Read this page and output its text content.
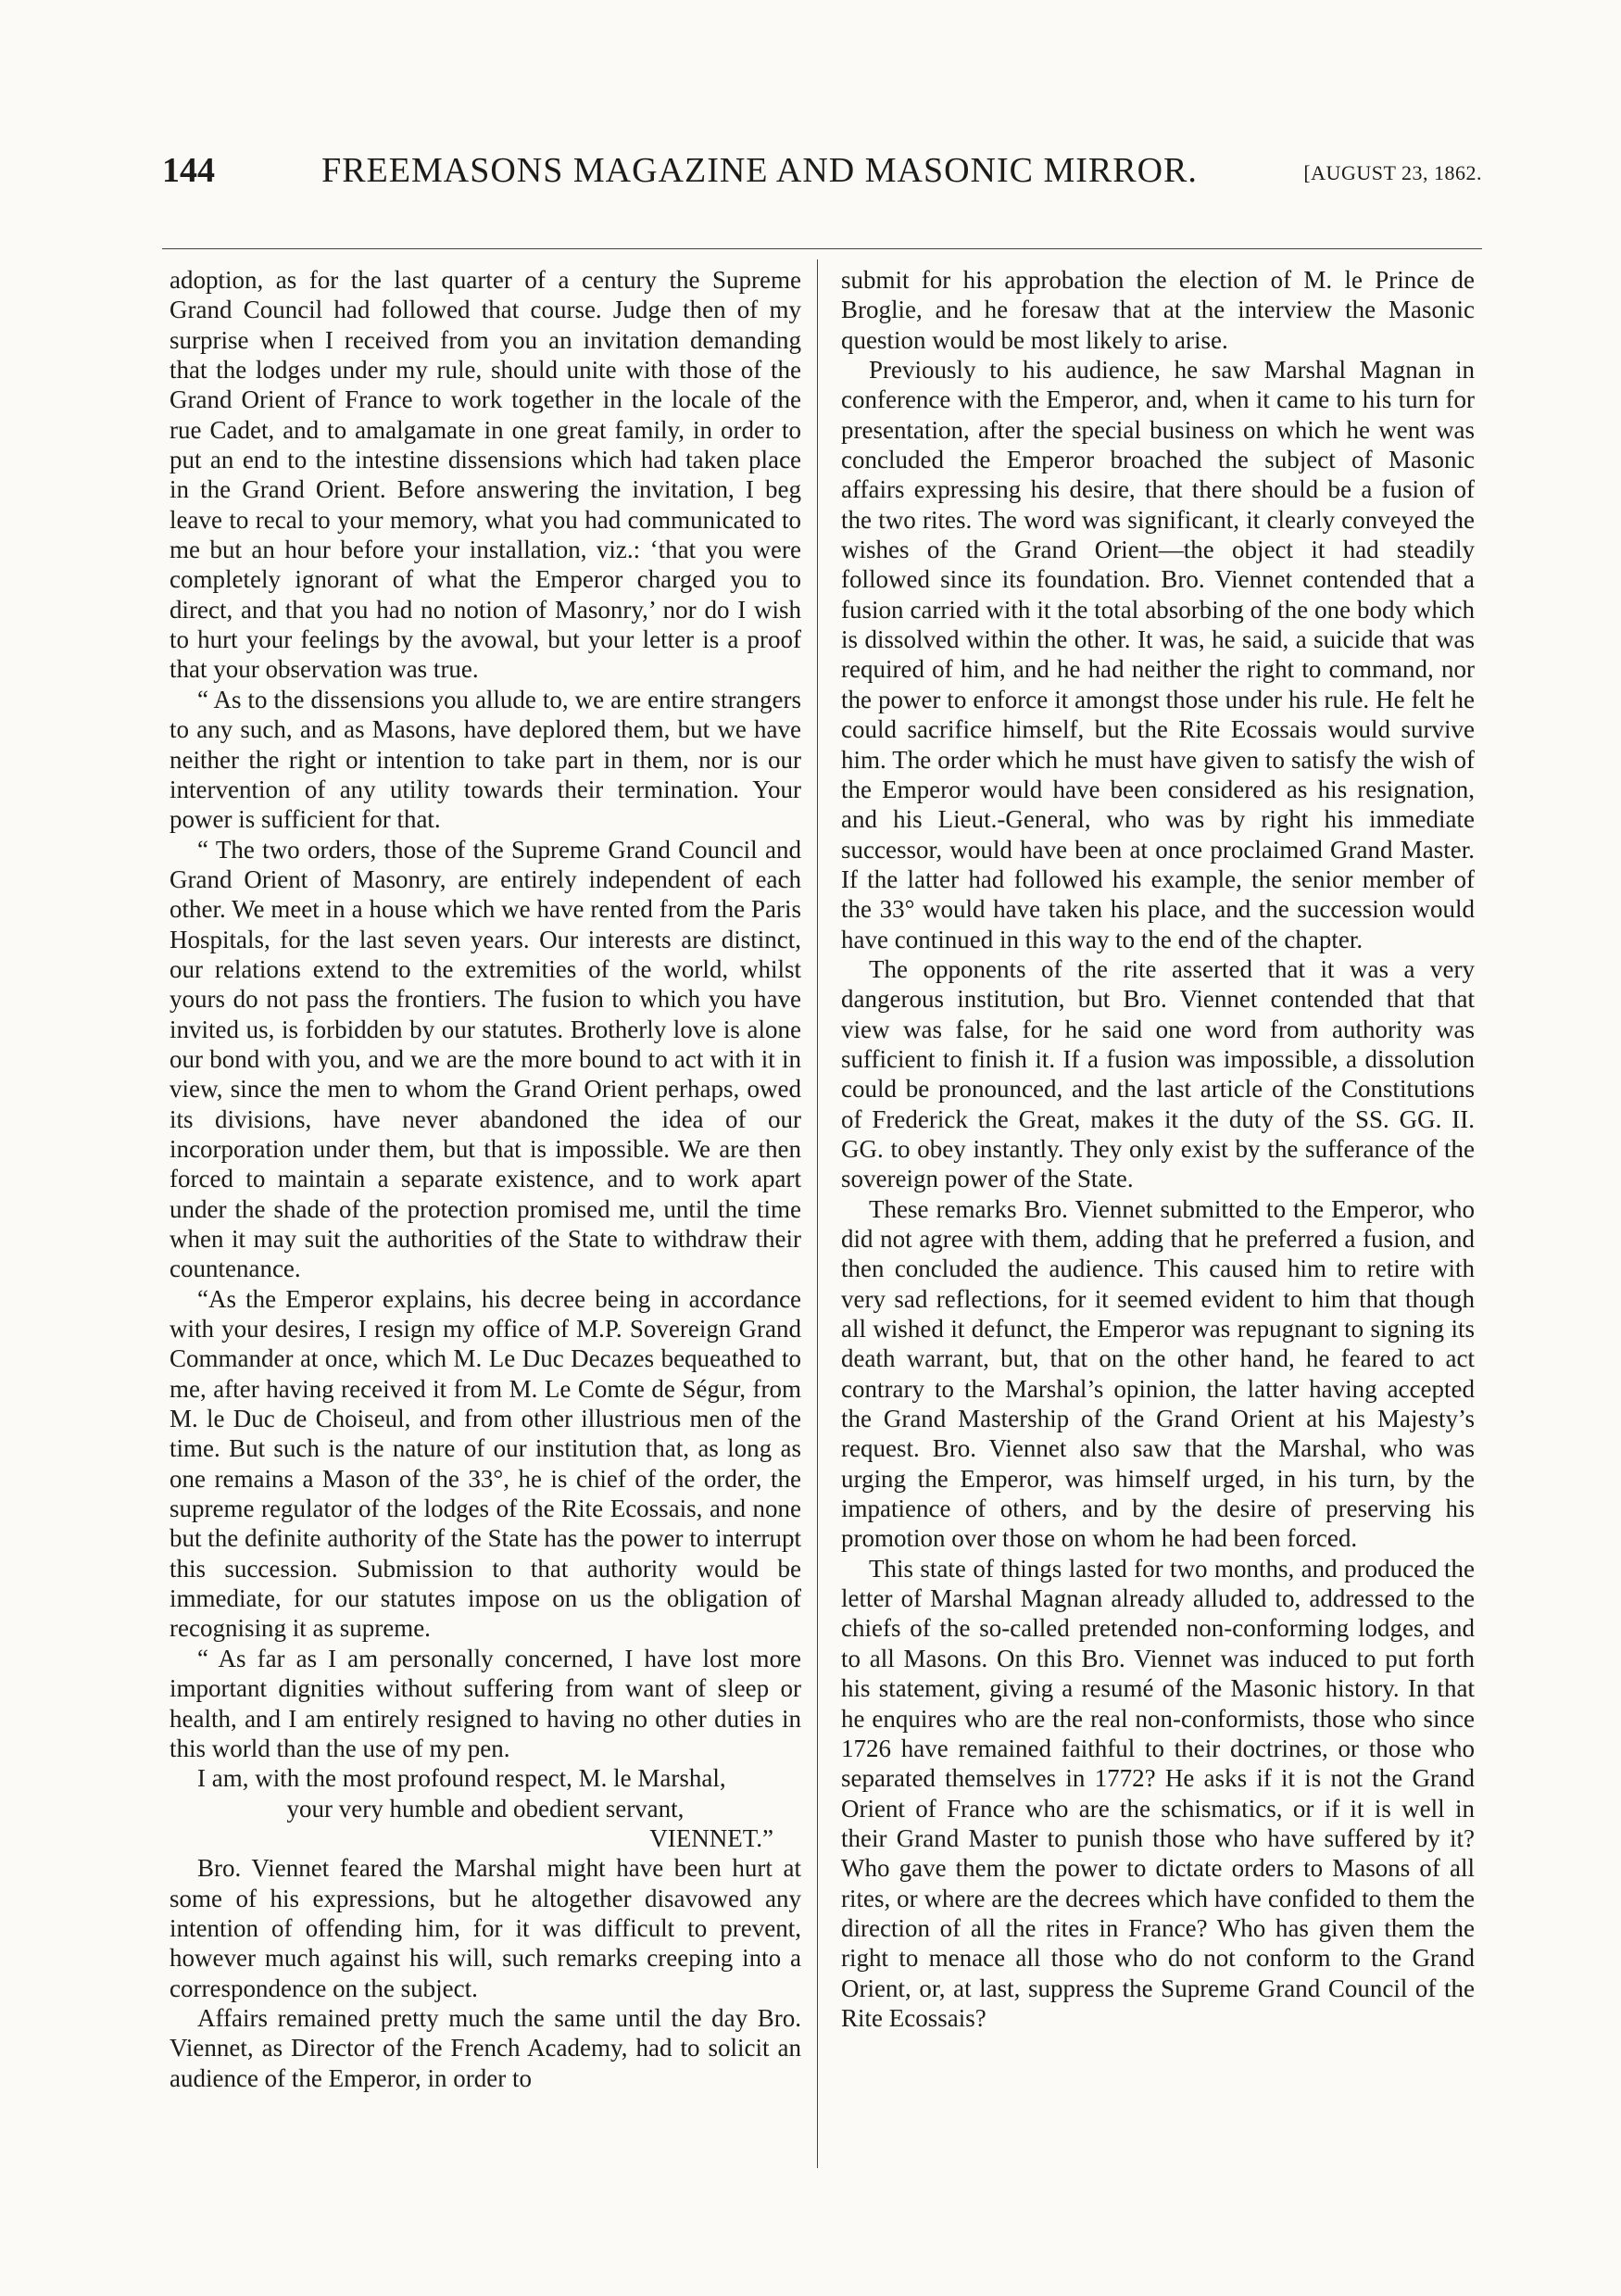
144	FREEMASONS MAGAZINE AND MASONIC MIRROR.	[AUGUST 23, 1862.

adoption, as for the last quarter of a century the Supreme Grand Council had followed that course. Judge then of my surprise when I received from you an invitation demanding that the lodges under my rule, should unite with those of the Grand Orient of France to work together in the locale of the rue Cadet, and to amalgamate in one great family, in order to put an end to the intestine dissensions which had taken place in the Grand Orient. Before answering the invitation, I beg leave to recal to your memory, what you had communicated to me but an hour before your installation, viz.: ‘that you were completely ignorant of what the Emperor charged you to direct, and that you had no notion of Masonry,’ nor do I wish to hurt your feelings by the avowal, but your letter is a proof that your observation was true.

“ As to the dissensions you allude to, we are entire strangers to any such, and as Masons, have deplored them, but we have neither the right or intention to take part in them, nor is our intervention of any utility towards their termination. Your power is sufficient for that.

“ The two orders, those of the Supreme Grand Council and Grand Orient of Masonry, are entirely independent of each other. We meet in a house which we have rented from the Paris Hospitals, for the last seven years. Our interests are distinct, our relations extend to the extremities of the world, whilst yours do not pass the frontiers. The fusion to which you have invited us, is forbidden by our statutes. Brotherly love is alone our bond with you, and we are the more bound to act with it in view, since the men to whom the Grand Orient perhaps, owed its divisions, have never abandoned the idea of our incorporation under them, but that is impossible. We are then forced to maintain a separate existence, and to work apart under the shade of the protection promised me, until the time when it may suit the authorities of the State to withdraw their countenance.

“As the Emperor explains, his decree being in accordance with your desires, I resign my office of M.P. Sovereign Grand Commander at once, which M. Le Duc Decazes bequeathed to me, after having received it from M. Le Comte de Ségur, from M. le Duc de Choiseul, and from other illustrious men of the time. But such is the nature of our institution that, as long as one remains a Mason of the 33°, he is chief of the order, the supreme regulator of the lodges of the Rite Ecossais, and none but the definite authority of the State has the power to interrupt this succession. Submission to that authority would be immediate, for our statutes impose on us the obligation of recognising it as supreme.

“ As far as I am personally concerned, I have lost more important dignities without suffering from want of sleep or health, and I am entirely resigned to having no other duties in this world than the use of my pen.

I am, with the most profound respect, M. le Marshal,

your very humble and obedient servant,

VIENNET.”

Bro. Viennet feared the Marshal might have been hurt at some of his expressions, but he altogether disavowed any intention of offending him, for it was difficult to prevent, however much against his will, such remarks creeping into a correspondence on the subject.

Affairs remained pretty much the same until the day Bro. Viennet, as Director of the French Academy, had to solicit an audience of the Emperor, in order to

submit for his approbation the election of M. le Prince de Broglie, and he foresaw that at the interview the Masonic question would be most likely to arise.

Previously to his audience, he saw Marshal Magnan in conference with the Emperor, and, when it came to his turn for presentation, after the special business on which he went was concluded the Emperor broached the subject of Masonic affairs expressing his desire, that there should be a fusion of the two rites. The word was significant, it clearly conveyed the wishes of the Grand Orient—the object it had steadily followed since its foundation. Bro. Viennet contended that a fusion carried with it the total absorbing of the one body which is dissolved within the other. It was, he said, a suicide that was required of him, and he had neither the right to command, nor the power to enforce it amongst those under his rule. He felt he could sacrifice himself, but the Rite Ecossais would survive him. The order which he must have given to satisfy the wish of the Emperor would have been considered as his resignation, and his Lieut.-General, who was by right his immediate successor, would have been at once proclaimed Grand Master. If the latter had followed his example, the senior member of the 33° would have taken his place, and the succession would have continued in this way to the end of the chapter.

The opponents of the rite asserted that it was a very dangerous institution, but Bro. Viennet contended that that view was false, for he said one word from authority was sufficient to finish it. If a fusion was impossible, a dissolution could be pronounced, and the last article of the Constitutions of Frederick the Great, makes it the duty of the SS. GG. II. GG. to obey instantly. They only exist by the sufferance of the sovereign power of the State.

These remarks Bro. Viennet submitted to the Emperor, who did not agree with them, adding that he preferred a fusion, and then concluded the audience. This caused him to retire with very sad reflections, for it seemed evident to him that though all wished it defunct, the Emperor was repugnant to signing its death warrant, but, that on the other hand, he feared to act contrary to the Marshal’s opinion, the latter having accepted the Grand Mastership of the Grand Orient at his Majesty’s request. Bro. Viennet also saw that the Marshal, who was urging the Emperor, was himself urged, in his turn, by the impatience of others, and by the desire of preserving his promotion over those on whom he had been forced.

This state of things lasted for two months, and produced the letter of Marshal Magnan already alluded to, addressed to the chiefs of the so-called pretended non-conforming lodges, and to all Masons. On this Bro. Viennet was induced to put forth his statement, giving a resumé of the Masonic history. In that he enquires who are the real non-conformists, those who since 1726 have remained faithful to their doctrines, or those who separated themselves in 1772? He asks if it is not the Grand Orient of France who are the schismatics, or if it is well in their Grand Master to punish those who have suffered by it? Who gave them the power to dictate orders to Masons of all rites, or where are the decrees which have confided to them the direction of all the rites in France? Who has given them the right to menace all those who do not conform to the Grand Orient, or, at last, suppress the Supreme Grand Council of the Rite Ecossais?
